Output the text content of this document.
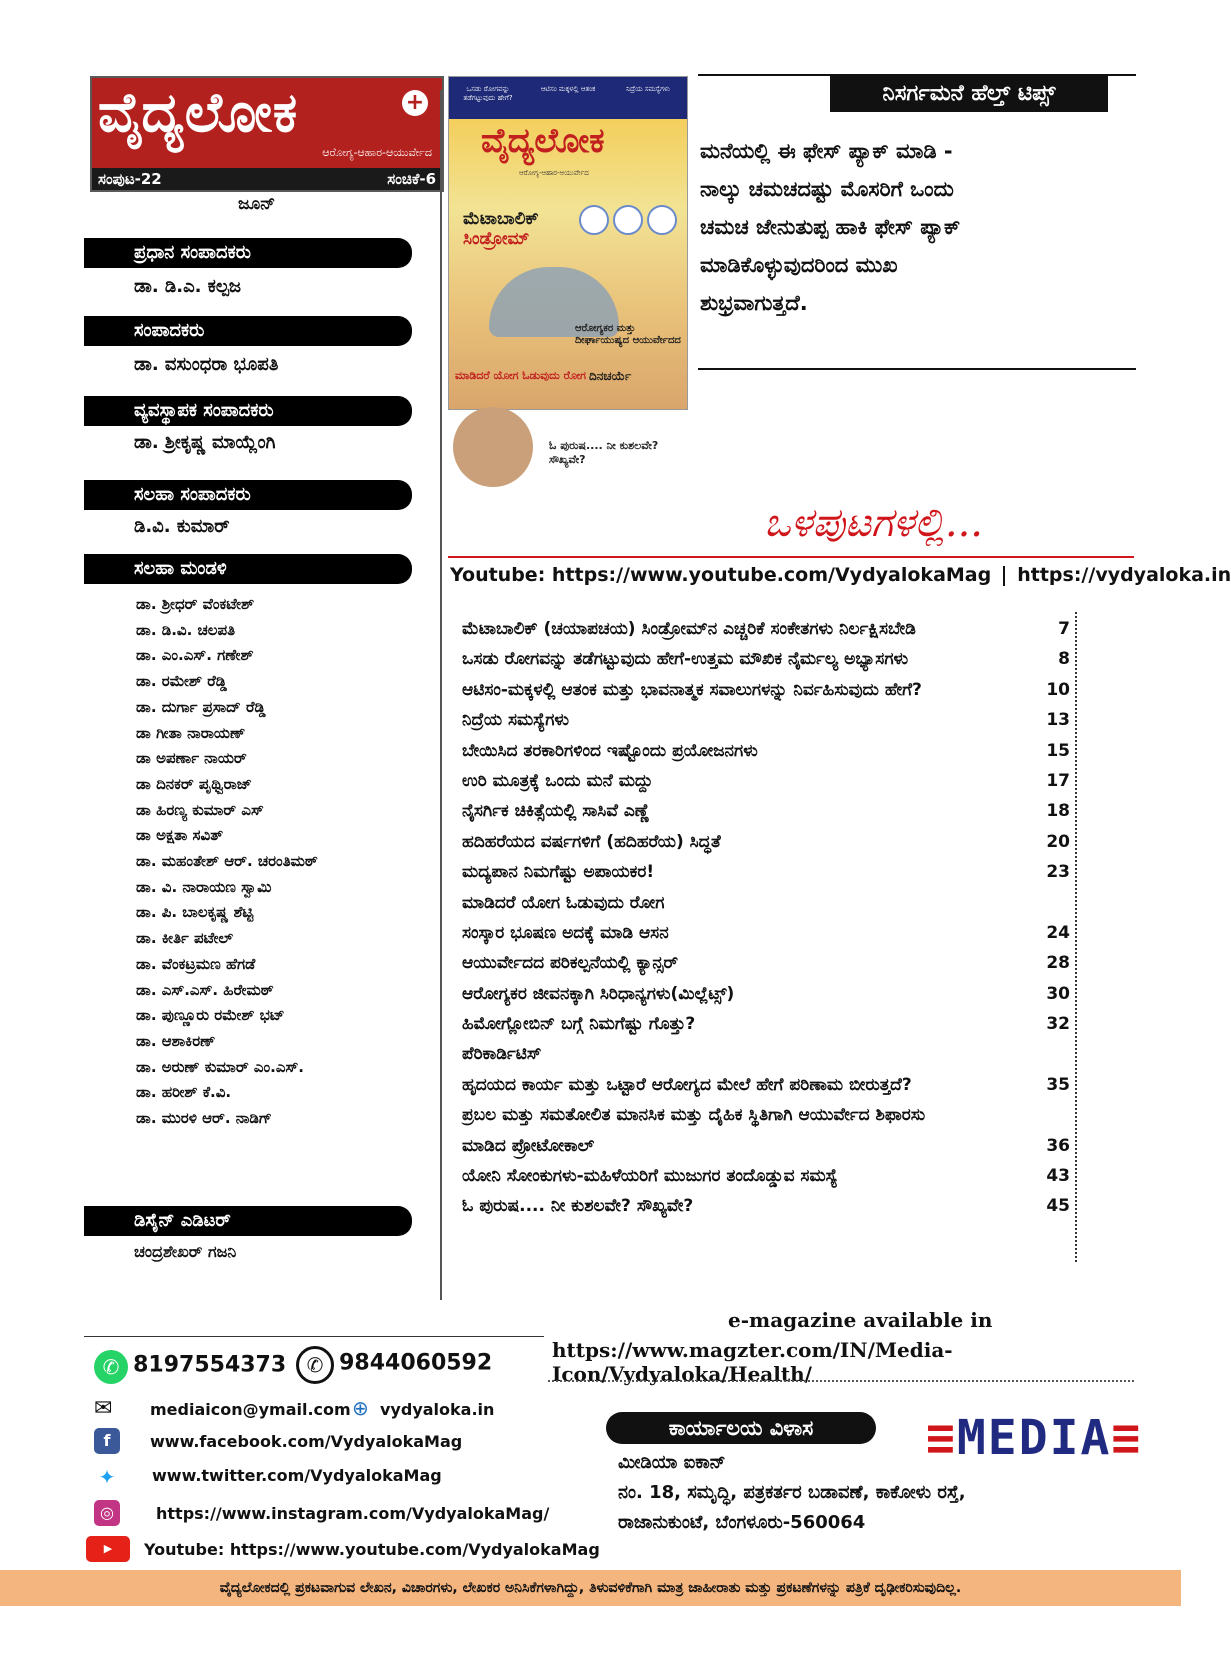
ವೈದ್ಯಲೋಕ	+
ಆರೋಗ್ಯ-ಆಹಾರ-ಆಯುರ್ವೇದ
ಸಂಪುಟ-22	ಸಂಚಿಕೆ-6
ಜೂನ್
ಪ್ರಧಾನ ಸಂಪಾದಕರು
ಡಾ. ಡಿ.ಎ. ಕಲ್ಪಜ
ಸಂಪಾದಕರು
ಡಾ. ವಸುಂಧರಾ ಭೂಪತಿ
ವ್ಯವಸ್ಥಾಪಕ ಸಂಪಾದಕರು
ಡಾ. ಶ್ರೀಕೃಷ್ಣ ಮಾಯ್ಲೆಂಗಿ
ಸಲಹಾ ಸಂಪಾದಕರು
ಡಿ.ವಿ. ಕುಮಾರ್
ಸಲಹಾ ಮಂಡಳಿ
ಡಾ. ಶ್ರೀಧರ್ ವೆಂಕಟೇಶ್
ಡಾ. ಡಿ.ವಿ. ಚಲಪತಿ
ಡಾ. ಎಂ.ಎಸ್. ಗಣೇಶ್
ಡಾ. ರಮೇಶ್ ರೆಡ್ಡಿ
ಡಾ. ದುರ್ಗಾ ಪ್ರಸಾದ್ ರೆಡ್ಡಿ
ಡಾ ಗೀತಾ ನಾರಾಯಣ್
ಡಾ ಅಪರ್ಣಾ ನಾಯರ್
ಡಾ ದಿನಕರ್ ಪೃಥ್ವಿರಾಜ್
ಡಾ ಹಿರಣ್ಯ ಕುಮಾರ್ ಎಸ್
ಡಾ ಅಕ್ಷತಾ ಸವಿತ್
ಡಾ. ಮಹಂತೇಶ್ ಆರ್. ಚರಂತಿಮಠ್
ಡಾ. ವಿ. ನಾರಾಯಣ ಸ್ವಾಮಿ
ಡಾ. ಪಿ. ಬಾಲಕೃಷ್ಣ ಶೆಟ್ಟಿ
ಡಾ. ಕೀರ್ತಿ ಪಟೇಲ್
ಡಾ. ವೆಂಕಟ್ರಮಣ ಹೆಗಡೆ
ಡಾ. ಎಸ್.ಎಸ್. ಹಿರೇಮಠ್
ಡಾ. ಪುಣ್ಣೂರು ರಮೇಶ್ ಭಟ್
ಡಾ. ಆಶಾಕಿರಣ್
ಡಾ. ಅರುಣ್ ಕುಮಾರ್ ಎಂ.ಎಸ್.
ಡಾ. ಹರೀಶ್ ಕೆ.ವಿ.
ಡಾ. ಮುರಳಿ ಆರ್. ನಾಡಿಗ್
ಡಿಸೈನ್ ಎಡಿಟರ್
ಚಂದ್ರಶೇಖರ್ ಗಜನಿ
ಒಸಡು ರೋಗವನ್ನು ತಡೆಗಟ್ಟುವುದು ಹೇಗೆ?
ಆಟಿಸಂ ಮಕ್ಕಳಲ್ಲಿ ಆತಂಕ	ನಿದ್ರೆಯ ಸಮಸ್ಯೆಗಳು
ವೈದ್ಯಲೋಕ
ಆರೋಗ್ಯ-ಆಹಾರ-ಆಯುರ್ವೇದ
ಮೆಟಾಬಾಲಿಕ್
ಸಿಂಡ್ರೋಮ್
ಆರೋಗ್ಯಕರ ಮತ್ತು ದೀರ್ಘಾಯುಷ್ಯದ ಆಯುರ್ವೇದದ
ಮಾಡಿದರೆ ಯೋಗ ಓಡುವುದು ರೋಗ ದಿನಚರ್ಯೆ
ಓ ಪುರುಷ.... ನೀ ಕುಶಲವೇ? ಸೌಖ್ಯವೇ?
ನಿಸರ್ಗಮನೆ ಹೆಲ್ತ್ ಟಿಪ್ಸ್
ಮನೆಯಲ್ಲಿ ಈ ಫೇಸ್ ಪ್ಯಾಕ್ ಮಾಡಿ -
ನಾಲ್ಕು ಚಮಚದಷ್ಟು ಮೊಸರಿಗೆ ಒಂದು
ಚಮಚ ಜೇನುತುಪ್ಪ ಹಾಕಿ ಫೇಸ್ ಪ್ಯಾಕ್
ಮಾಡಿಕೊಳ್ಳುವುದರಿಂದ ಮುಖ
ಶುಭ್ರವಾಗುತ್ತದೆ.
ಒಳಪುಟಗಳಲ್ಲಿ...
Youtube: https://www.youtube.com/VydyalokaMag https://vydyaloka.in
ಮೆಟಾಬಾಲಿಕ್ (ಚಯಾಪಚಯ) ಸಿಂಡ್ರೋಮ್‌ನ ಎಚ್ಚರಿಕೆ ಸಂಕೇತಗಳು ನಿರ್ಲಕ್ಷಿಸಬೇಡಿ	7
ಒಸಡು ರೋಗವನ್ನು ತಡೆಗಟ್ಟುವುದು ಹೇಗೆ-ಉತ್ತಮ ಮೌಖಿಕ ನೈರ್ಮಲ್ಯ ಅಭ್ಯಾಸಗಳು	8
ಆಟಿಸಂ-ಮಕ್ಕಳಲ್ಲಿ ಆತಂಕ ಮತ್ತು ಭಾವನಾತ್ಮಕ ಸವಾಲುಗಳನ್ನು ನಿರ್ವಹಿಸುವುದು ಹೇಗೆ?	10
ನಿದ್ರೆಯ ಸಮಸ್ಯೆಗಳು	13
ಬೇಯಿಸಿದ ತರಕಾರಿಗಳಿಂದ ಇಷ್ಟೊಂದು ಪ್ರಯೋಜನಗಳು	15
ಉರಿ ಮೂತ್ರಕ್ಕೆ ಒಂದು ಮನೆ ಮದ್ದು	17
ನೈಸರ್ಗಿಕ ಚಿಕಿತ್ಸೆಯಲ್ಲಿ ಸಾಸಿವೆ ಎಣ್ಣೆ	18
ಹದಿಹರೆಯದ ವರ್ಷಗಳಿಗೆ (ಹದಿಹರೆಯ) ಸಿದ್ಧತೆ	20
ಮದ್ಯಪಾನ ನಿಮಗೆಷ್ಟು ಅಪಾಯಕರ!	23
ಮಾಡಿದರೆ ಯೋಗ ಓಡುವುದು ರೋಗ
ಸಂಸ್ಕಾರ ಭೂಷಣ ಅದಕ್ಕೆ ಮಾಡಿ ಆಸನ	24
ಆಯುರ್ವೇದದ ಪರಿಕಲ್ಪನೆಯಲ್ಲಿ ಕ್ಯಾನ್ಸರ್	28
ಆರೋಗ್ಯಕರ ಜೀವನಕ್ಕಾಗಿ ಸಿರಿಧಾನ್ಯಗಳು(ಮಿಲ್ಲೆಟ್ಸ್)	30
ಹಿಮೋಗ್ಲೋಬಿನ್ ಬಗ್ಗೆ ನಿಮಗೆಷ್ಟು ಗೊತ್ತು?	32
ಪೆರಿಕಾರ್ಡಿಟಿಸ್
ಹೃದಯದ ಕಾರ್ಯ ಮತ್ತು ಒಟ್ಟಾರೆ ಆರೋಗ್ಯದ ಮೇಲೆ ಹೇಗೆ ಪರಿಣಾಮ ಬೀರುತ್ತದೆ?	35
ಪ್ರಬಲ ಮತ್ತು ಸಮತೋಲಿತ ಮಾನಸಿಕ ಮತ್ತು ದೈಹಿಕ ಸ್ಥಿತಿಗಾಗಿ ಆಯುರ್ವೇದ ಶಿಫಾರಸು
ಮಾಡಿದ ಪ್ರೋಟೋಕಾಲ್	36
ಯೋನಿ ಸೋಂಕುಗಳು-ಮಹಿಳೆಯರಿಗೆ ಮುಜುಗರ ತಂದೊಡ್ಡುವ ಸಮಸ್ಯೆ	43
ಓ ಪುರುಷ.... ನೀ ಕುಶಲವೇ? ಸೌಖ್ಯವೇ?	45
e-magazine available in
https://www.magzter.com/IN/Media-Icon/Vydyaloka/Health/
✆ 8197554373	✆ 9844060592
✉ mediaicon@ymail.com ⊕ vydyaloka.in
f	www.facebook.com/VydyalokaMag
✦ www.twitter.com/VydyalokaMag
◎	https://www.instagram.com/VydyalokaMag/
▶	Youtube: https://www.youtube.com/VydyalokaMag
ಕಾರ್ಯಾಲಯ ವಿಳಾಸ
ಮೀಡಿಯಾ ಐಕಾನ್
ನಂ. 18, ಸಮೃದ್ಧಿ, ಪತ್ರಕರ್ತರ ಬಡಾವಣೆ, ಕಾಕೋಳು ರಸ್ತೆ,
ರಾಜಾನುಕುಂಟೆ, ಬೆಂಗಳೂರು-560064
≡MEDIA≡
ವೈದ್ಯಲೋಕದಲ್ಲಿ ಪ್ರಕಟವಾಗುವ ಲೇಖನ, ವಿಚಾರಗಳು, ಲೇಖಕರ ಅನಿಸಿಕೆಗಳಾಗಿದ್ದು, ತಿಳುವಳಿಕೆಗಾಗಿ ಮಾತ್ರ ಜಾಹೀರಾತು ಮತ್ತು ಪ್ರಕಟಣೆಗಳನ್ನು ಪತ್ರಿಕೆ ದೃಢೀಕರಿಸುವುದಿಲ್ಲ.
